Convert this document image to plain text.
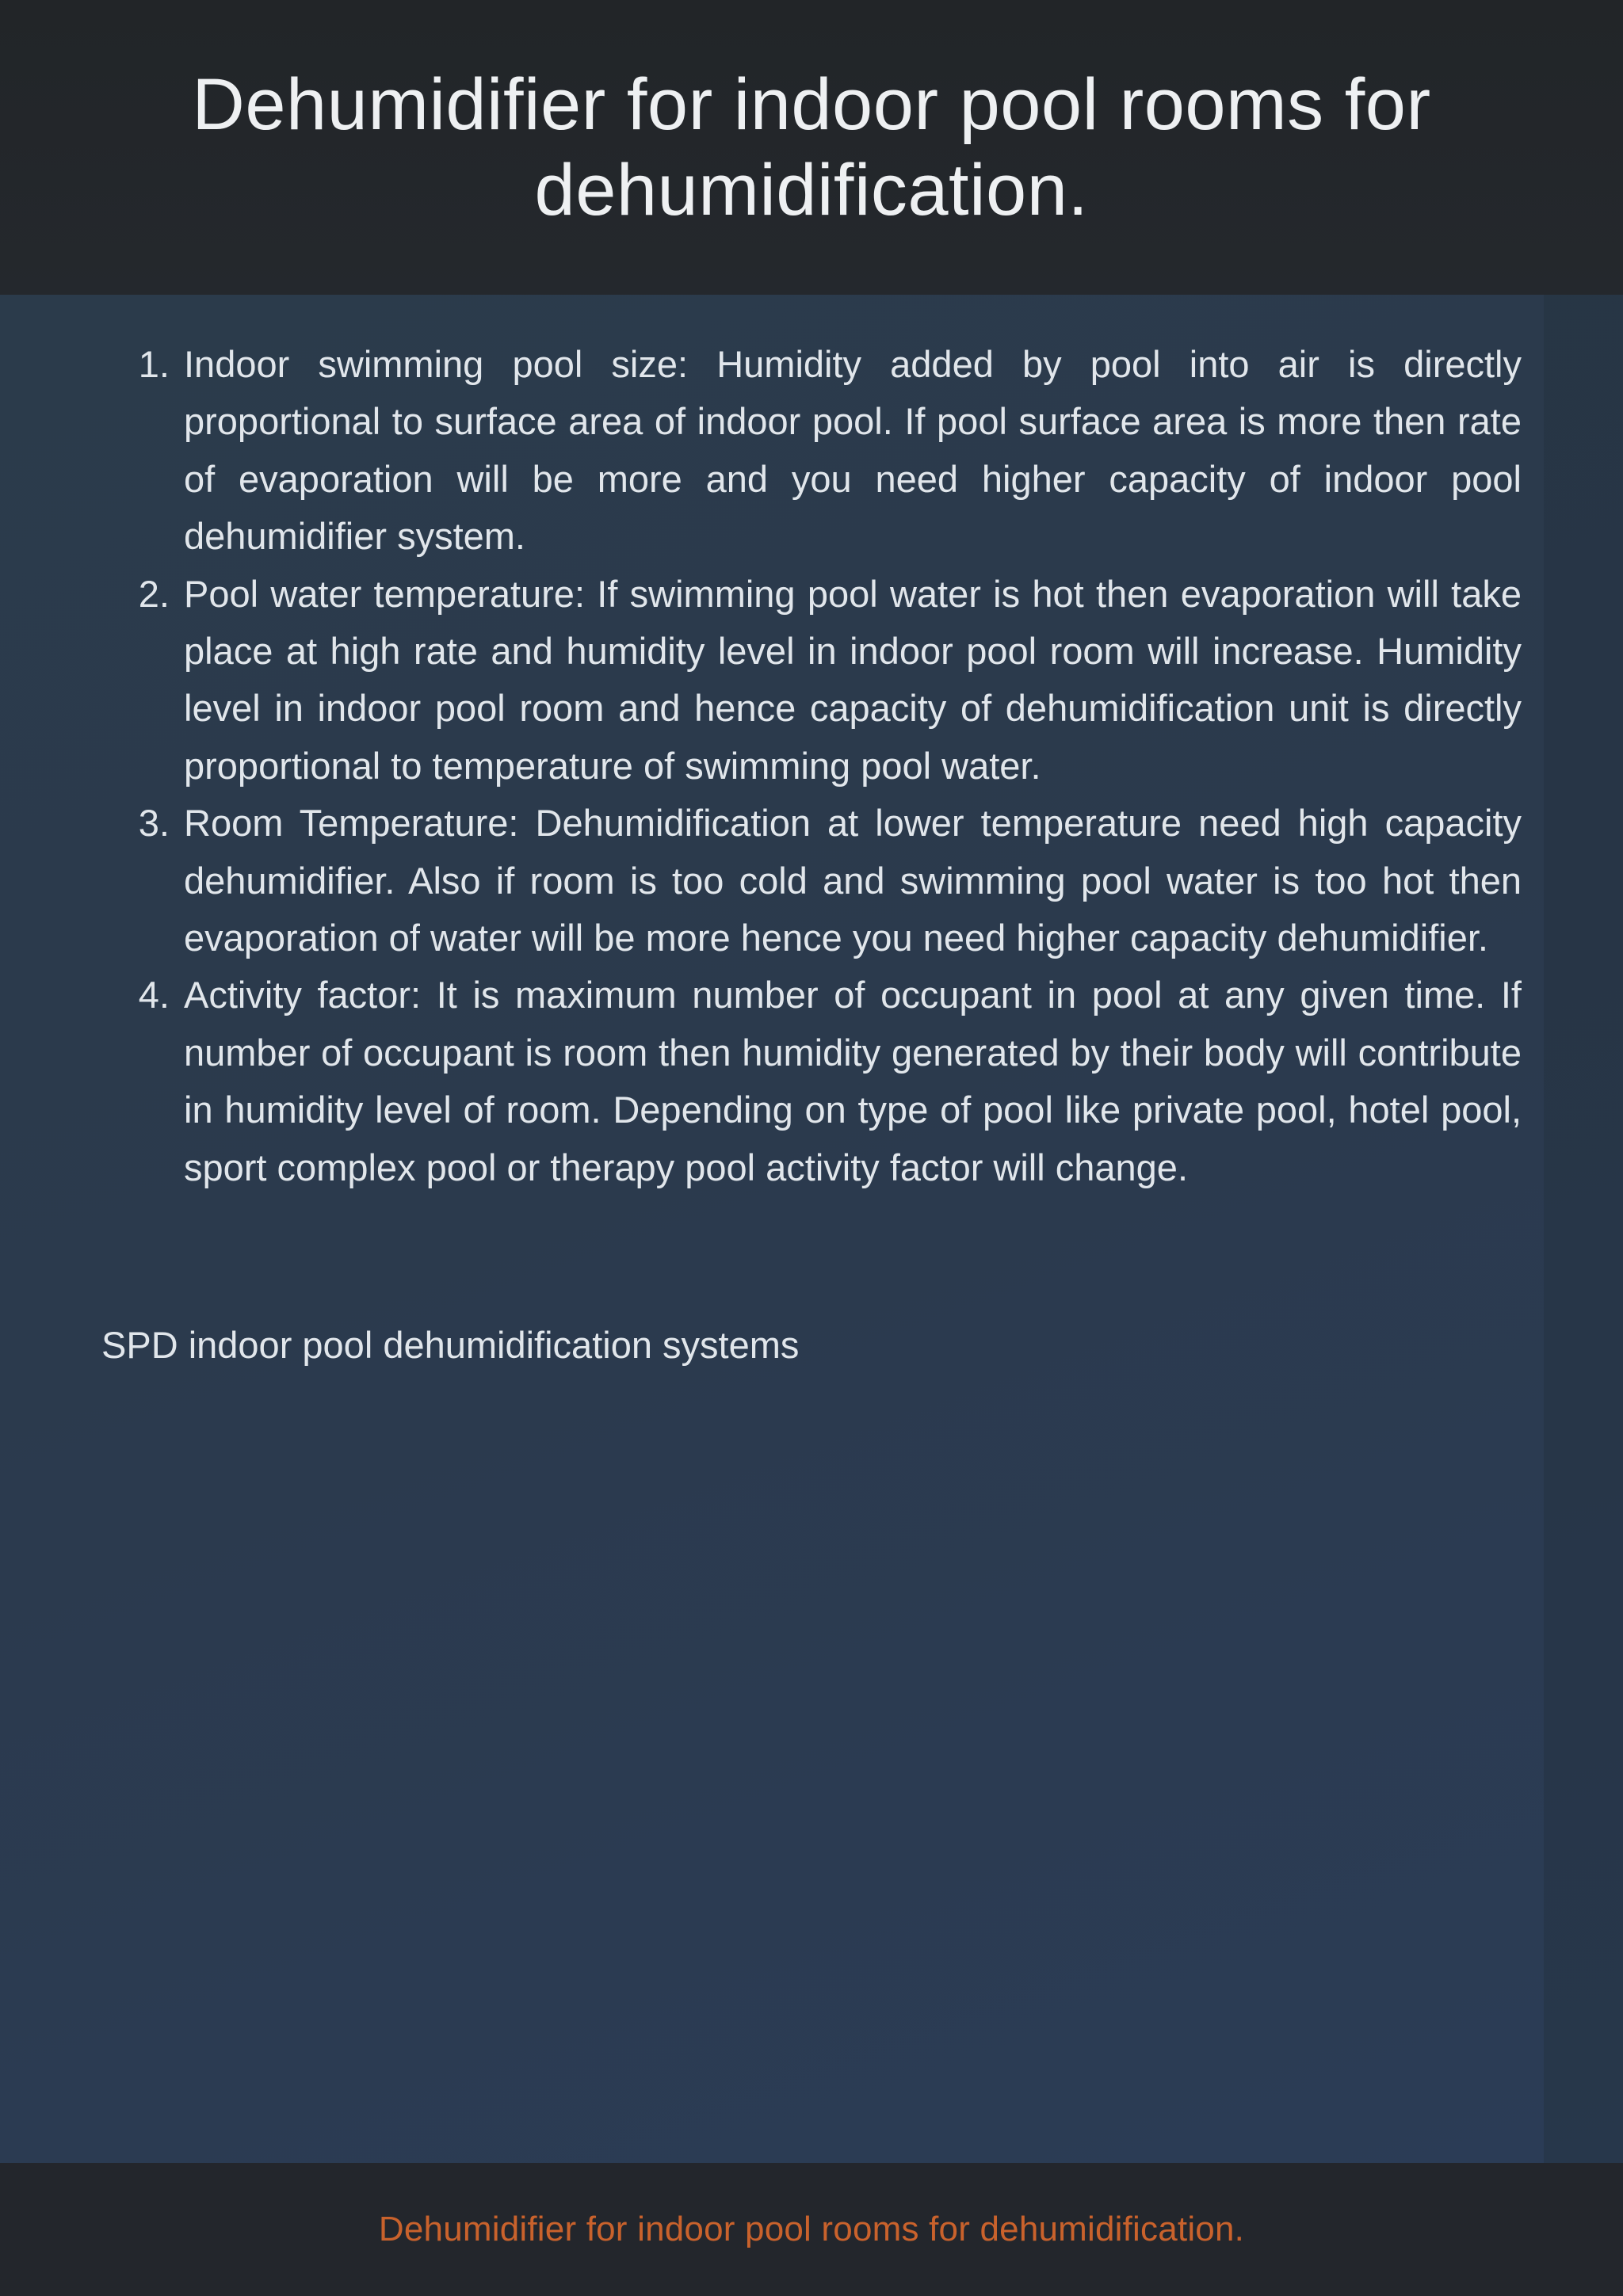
Dehumidifier for indoor pool rooms for dehumidification.
1. Indoor swimming pool size: Humidity added by pool into air is directly proportional to surface area of indoor pool. If pool surface area is more then rate of evaporation will be more and you need higher capacity of indoor pool dehumidifier system.
2. Pool water temperature: If swimming pool water is hot then evaporation will take place at high rate and humidity level in indoor pool room will increase. Humidity level in indoor pool room and hence capacity of dehumidification unit is directly proportional to temperature of swimming pool water.
3. Room Temperature: Dehumidification at lower temperature need high capacity dehumidifier. Also if room is too cold and swimming pool water is too hot then evaporation of water will be more hence you need higher capacity dehumidifier.
4. Activity factor: It is maximum number of occupant in pool at any given time. If number of occupant is room then humidity generated by their body will contribute in humidity level of room. Depending on type of pool like private pool, hotel pool, sport complex pool or therapy pool activity factor will change.

SPD indoor pool dehumidification systems

Dehumidifier for indoor pool rooms for dehumidification.
